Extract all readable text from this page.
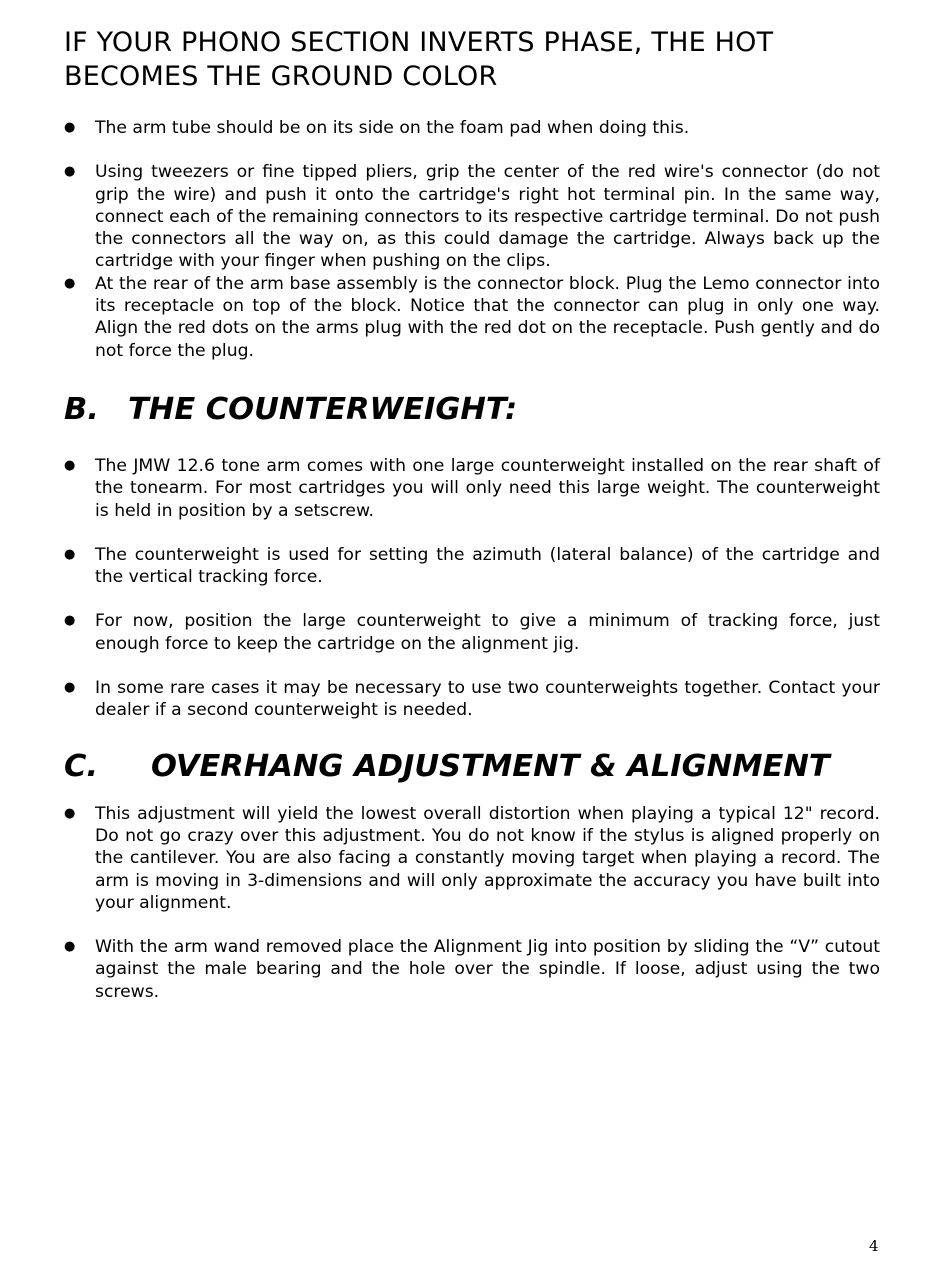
IF YOUR PHONO SECTION INVERTS PHASE, THE HOT
BECOMES THE GROUND COLOR
● The arm tube should be on its side on the foam pad when doing this.
● Using tweezers or fine tipped pliers, grip the center of the red wire's connector (do not grip the wire) and push it onto the cartridge's right hot terminal pin. In the same way, connect each of the remaining connectors to its respective cartridge terminal. Do not push the connectors all the way on, as this could damage the cartridge. Always back up the cartridge with your finger when pushing on the clips.
● At the rear of the arm base assembly is the connector block. Plug the Lemo connector into its receptacle on top of the block. Notice that the connector can plug in only one way. Align the red dots on the arms plug with the red dot on the receptacle. Push gently and do not force the plug.
B. THE COUNTERWEIGHT:
● The JMW 12.6 tone arm comes with one large counterweight installed on the rear shaft of the tonearm. For most cartridges you will only need this large weight. The counterweight is held in position by a setscrew.
● The counterweight is used for setting the azimuth (lateral balance) of the cartridge and the vertical tracking force.
● For now, position the large counterweight to give a minimum of tracking force, just enough force to keep the cartridge on the alignment jig.
● In some rare cases it may be necessary to use two counterweights together. Contact your dealer if a second counterweight is needed.
C. OVERHANG ADJUSTMENT & ALIGNMENT
● This adjustment will yield the lowest overall distortion when playing a typical 12" record. Do not go crazy over this adjustment. You do not know if the stylus is aligned properly on the cantilever. You are also facing a constantly moving target when playing a record. The arm is moving in 3-dimensions and will only approximate the accuracy you have built into your alignment.
● With the arm wand removed place the Alignment Jig into position by sliding the “V” cutout against the male bearing and the hole over the spindle. If loose, adjust using the two screws.
4
